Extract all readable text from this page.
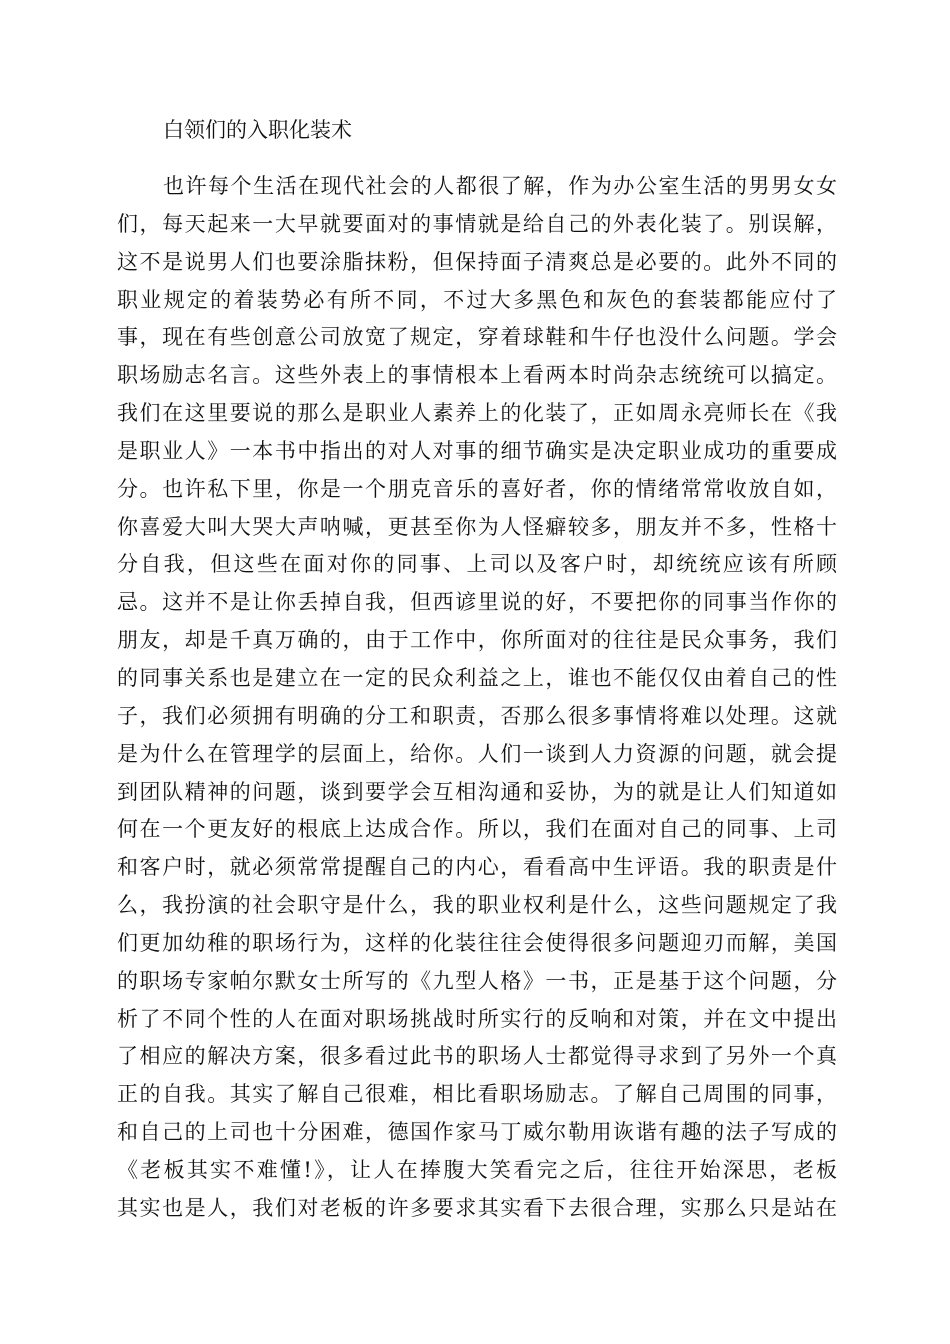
白领们的入职化装术
也许每个生活在现代社会的人都很了解，作为办公室生活的男男女女
们，每天起来一大早就要面对的事情就是给自己的外表化装了。别误解，
这不是说男人们也要涂脂抹粉，但保持面子清爽总是必要的。此外不同的
职业规定的着装势必有所不同，不过大多黑色和灰色的套装都能应付了
事，现在有些创意公司放宽了规定，穿着球鞋和牛仔也没什么问题。学会
职场励志名言。这些外表上的事情根本上看两本时尚杂志统统可以搞定。
我们在这里要说的那么是职业人素养上的化装了，正如周永亮师长在《我
是职业人》一本书中指出的对人对事的细节确实是决定职业成功的重要成
分。也许私下里，你是一个朋克音乐的喜好者，你的情绪常常收放自如，
你喜爱大叫大哭大声呐喊，更甚至你为人怪癖较多，朋友并不多，性格十
分自我，但这些在面对你的同事、上司以及客户时，却统统应该有所顾
忌。这并不是让你丢掉自我，但西谚里说的好，不要把你的同事当作你的
朋友，却是千真万确的，由于工作中，你所面对的往往是民众事务，我们
的同事关系也是建立在一定的民众利益之上，谁也不能仅仅由着自己的性
子，我们必须拥有明确的分工和职责，否那么很多事情将难以处理。这就
是为什么在管理学的层面上，给你。人们一谈到人力资源的问题，就会提
到团队精神的问题，谈到要学会互相沟通和妥协，为的就是让人们知道如
何在一个更友好的根底上达成合作。所以，我们在面对自己的同事、上司
和客户时，就必须常常提醒自己的内心，看看高中生评语。我的职责是什
么，我扮演的社会职守是什么，我的职业权利是什么，这些问题规定了我
们更加幼稚的职场行为，这样的化装往往会使得很多问题迎刃而解，美国
的职场专家帕尔默女士所写的《九型人格》一书，正是基于这个问题，分
析了不同个性的人在面对职场挑战时所实行的反响和对策，并在文中提出
了相应的解决方案，很多看过此书的职场人士都觉得寻求到了另外一个真
正的自我。其实了解自己很难，相比看职场励志。了解自己周围的同事，
和自己的上司也十分困难，德国作家马丁威尔勒用诙谐有趣的法子写成的
《老板其实不难懂!》，让人在捧腹大笑看完之后，往往开始深思，老板
其实也是人，我们对老板的许多要求其实看下去很合理，实那么只是站在
